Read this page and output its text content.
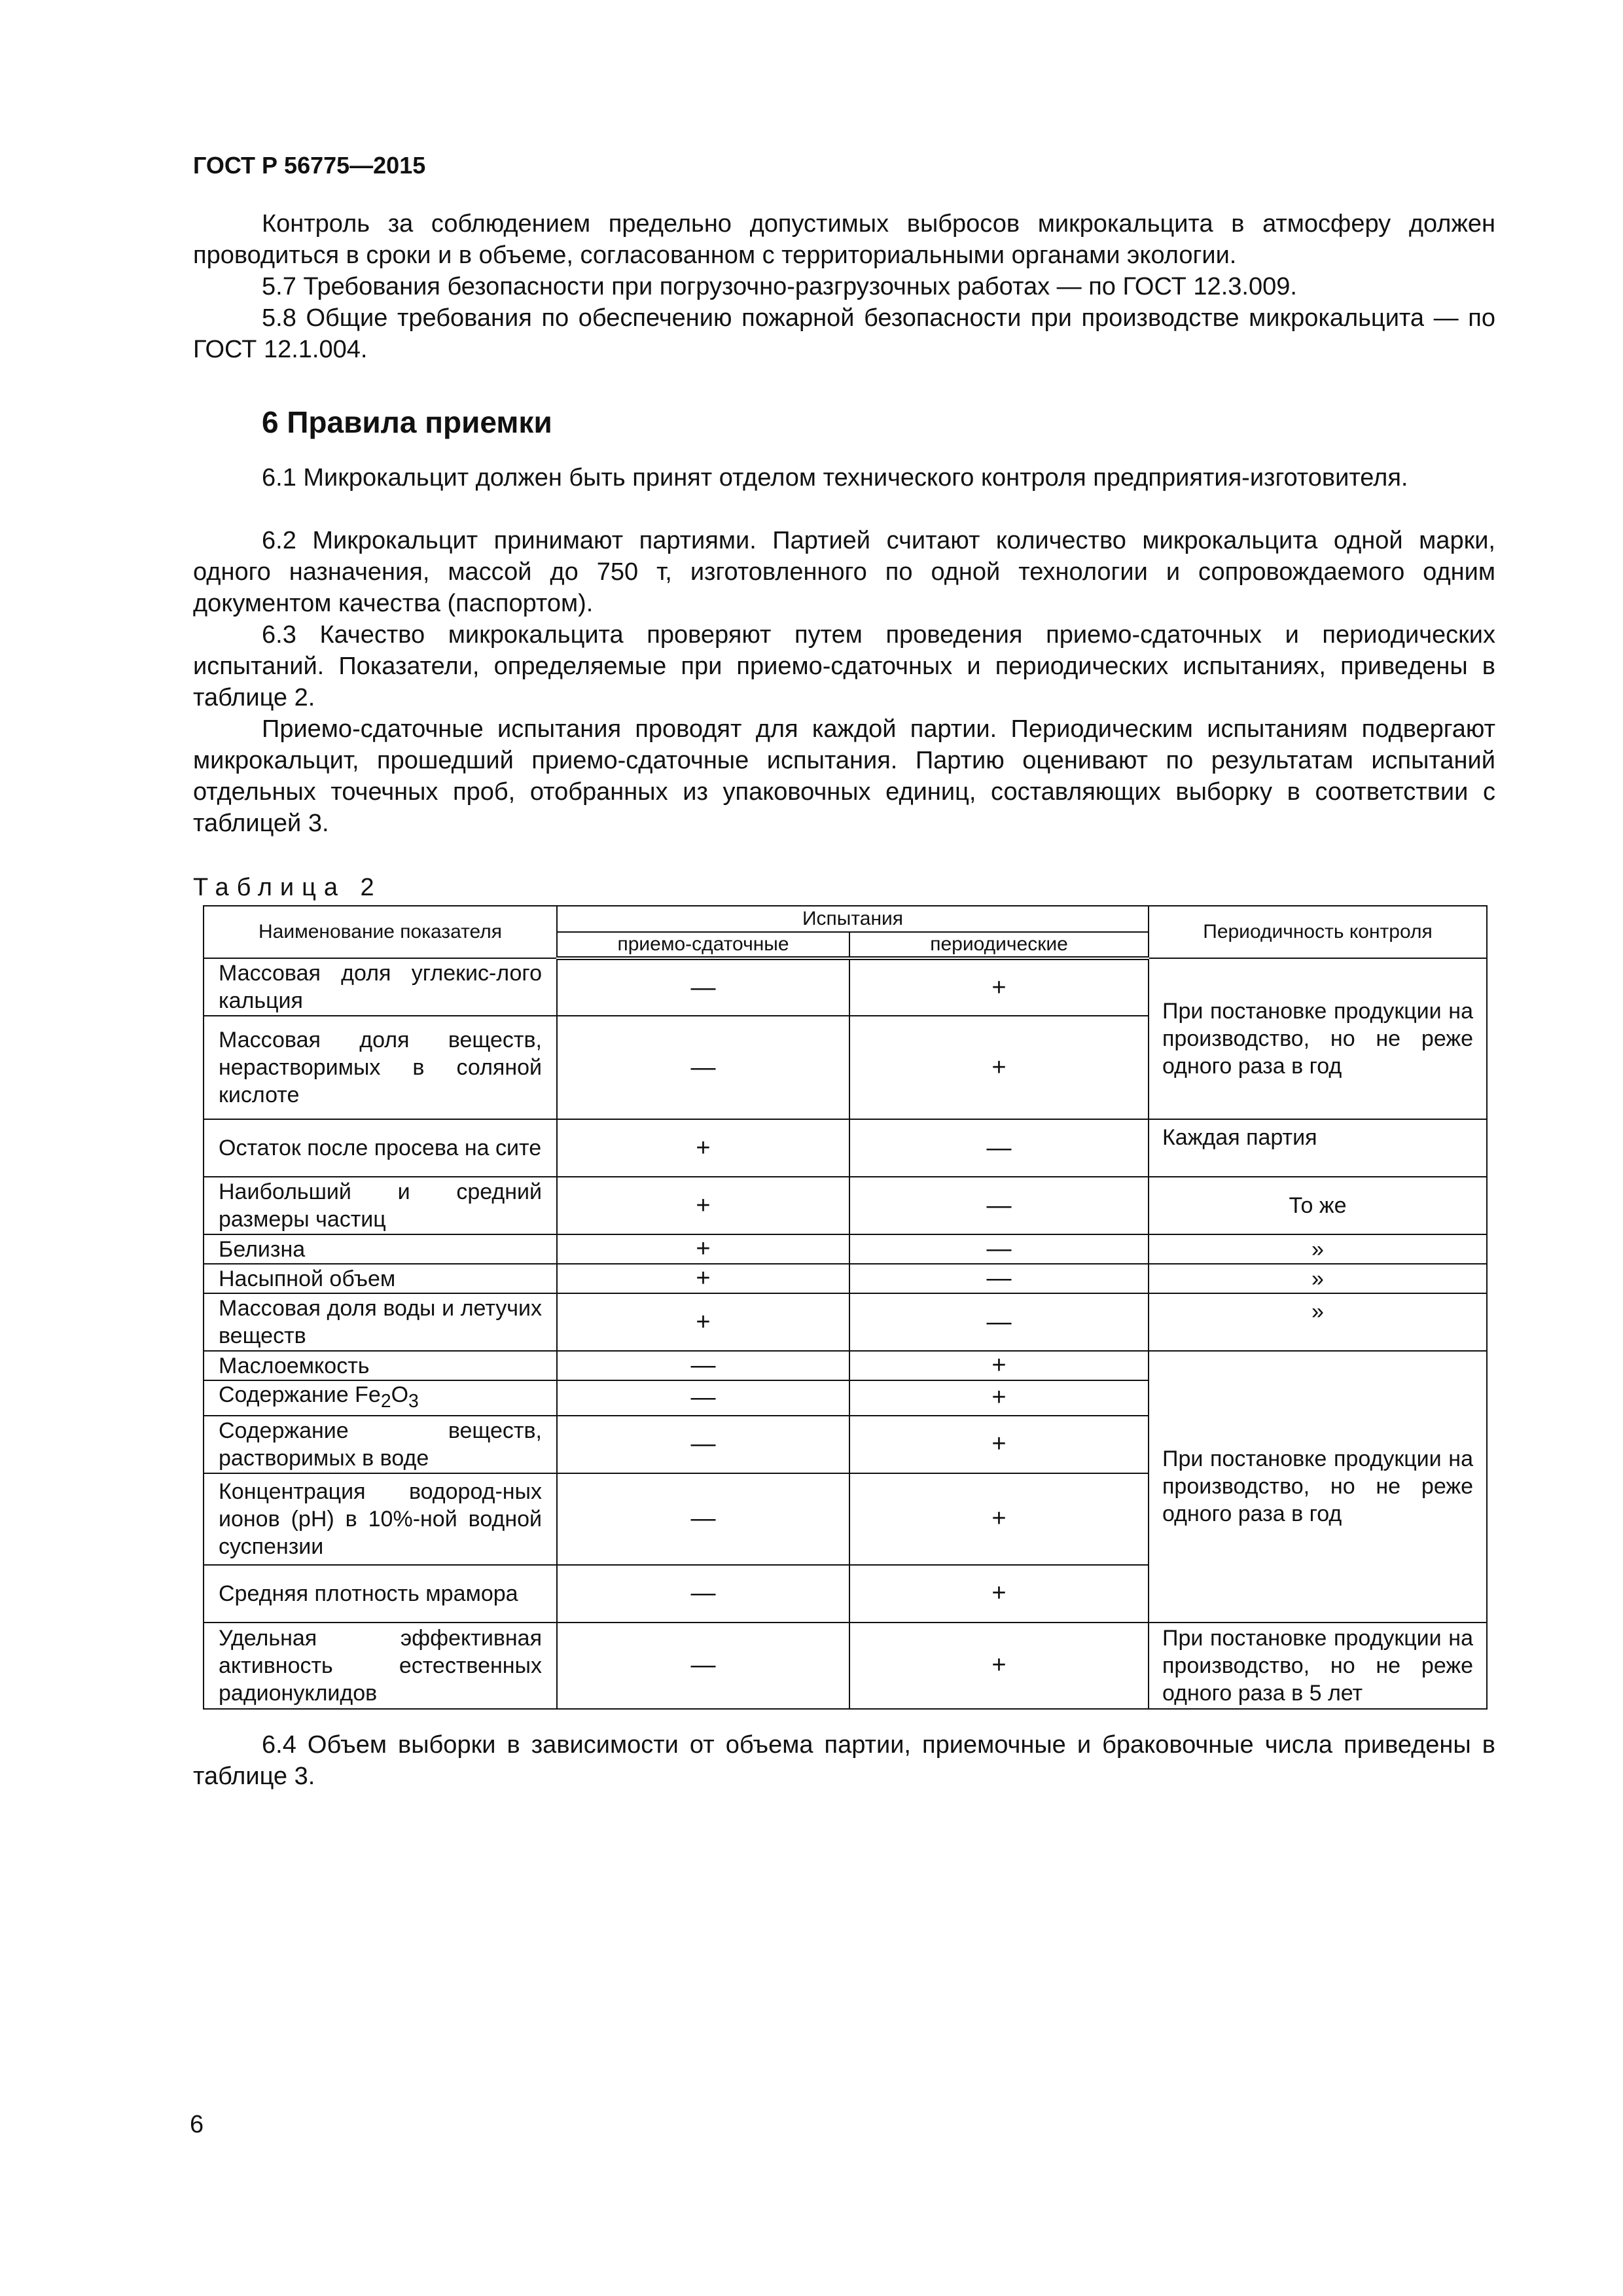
ГОСТ Р 56775—2015

Контроль за соблюдением предельно допустимых выбросов микрокальцита в атмосферу должен проводиться в сроки и в объеме, согласованном с территориальными органами экологии.

5.7 Требования безопасности при погрузочно-разгрузочных работах — по ГОСТ 12.3.009.

5.8 Общие требования по обеспечению пожарной безопасности при производстве микрокальцита — по ГОСТ 12.1.004.

6 Правила приемки

6.1 Микрокальцит должен быть принят отделом технического контроля предприятия-изготовителя.

6.2 Микрокальцит принимают партиями. Партией считают количество микрокальцита одной марки, одного назначения, массой до 750 т, изготовленного по одной технологии и сопровождаемого одним документом качества (паспортом).

6.3 Качество микрокальцита проверяют путем проведения приемо-сдаточных и периодических испытаний. Показатели, определяемые при приемо-сдаточных и периодических испытаниях, приведены в таблице 2.

Приемо-сдаточные испытания проводят для каждой партии. Периодическим испытаниям подвергают микрокальцит, прошедший приемо-сдаточные испытания. Партию оценивают по результатам испытаний отдельных точечных проб, отобранных из упаковочных единиц, составляющих выборку в соответствии с таблицей 3.

Таблица 2
Наименование показателя	Испытания		Периодичность контроля
	приемо-сдаточные	периодические	
Массовая доля углекис-лого кальция	—	+	При постановке продукции на производство, но не реже одного раза в год
Массовая доля веществ, нерастворимых в соляной кислоте	—	+	
Остаток после просева на сите	+	—	Каждая партия
Наибольший и средний размеры частиц	+	—	То же
Белизна	+	—	»
Насыпной объем	+	—	»
Массовая доля воды и летучих веществ	+	—	»
Маслоемкость	—	+	При постановке продукции на производство, но не реже одного раза в год
Содержание $Fe_2O_3$	—	+	
Содержание веществ, растворимых в воде	—	+	
Концентрация водород-ных ионов (pH) в 10%-ной водной суспензии	—	+	
Средняя плотность мрамора	—	+	
Удельная эффективная активность естественных радионуклидов	—	+	При постановке продукции на производство, но не реже одного раза в 5 лет

6.4 Объем выборки в зависимости от объема партии, приемочные и браковочные числа приведены в таблице 3.

6
